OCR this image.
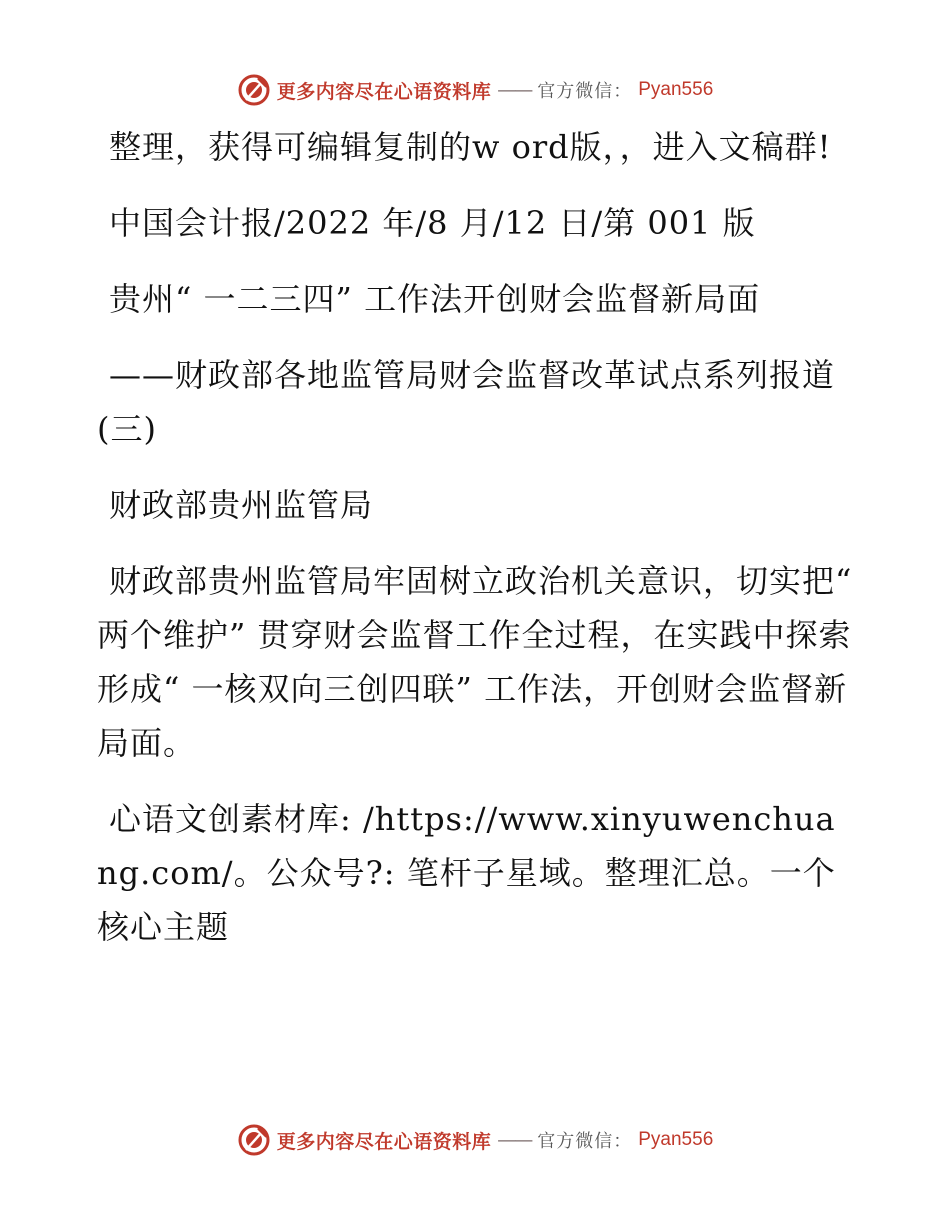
更多内容尽在心语资料库 —— 官方微信： Pyan556

整理，获得可编辑复制的w ord版，，进入文稿群!

中国会计报/2022 年/8 月/12 日/第 001 版

贵州“ 一二三四” 工作法开创财会监督新局面

——财政部各地监管局财会监督改革试点系列报道(三)

财政部贵州监管局

财政部贵州监管局牢固树立政治机关意识，切实把“ 两个维护” 贯穿财会监督工作全过程，在实践中探索形成“ 一核双向三创四联” 工作法，开创财会监督新局面。

心语文创素材库: /https://www.xinyuwenchuang.com/。公众号?: 笔杆子星域。整理汇总。一个核心主题

更多内容尽在心语资料库 —— 官方微信： Pyan556
